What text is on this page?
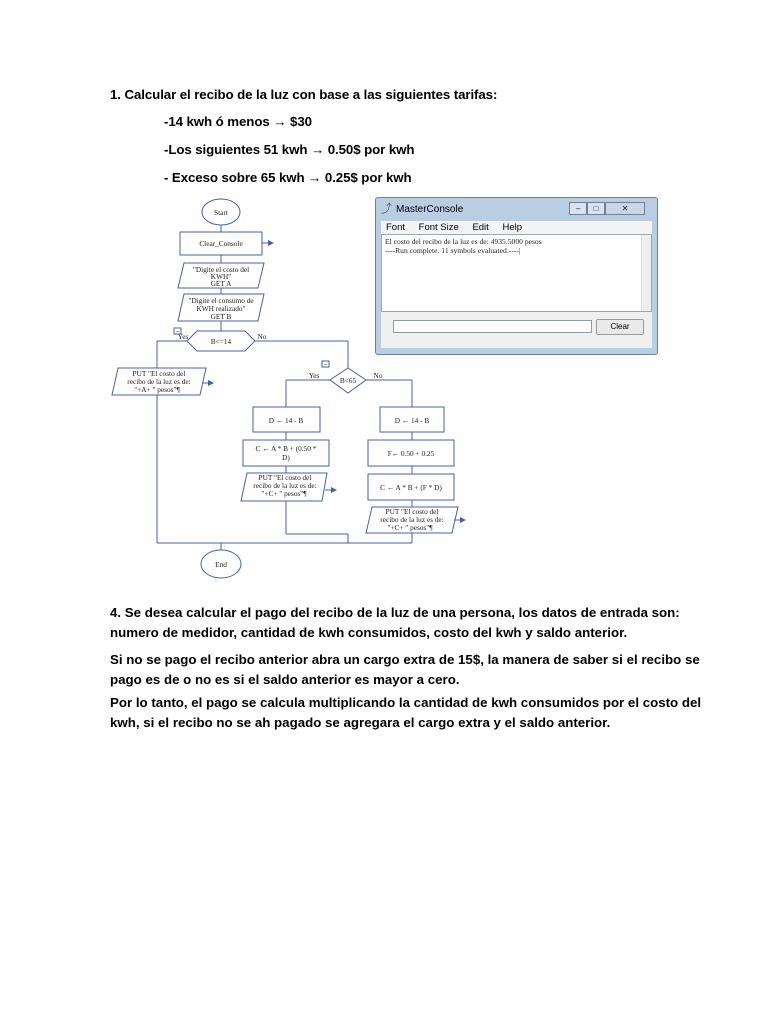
1. Calcular el recibo de la luz con base a las siguientes tarifas:
-14 kwh ó menos → $30
-Los siguientes 51 kwh → 0.50$ por kwh
- Exceso sobre 65 kwh → 0.25$ por kwh
Start
Clear_Console
"Digite el costo del
KWH"
GET A
"Digite el consumo de
KWH realizado"
GET B
B<=14
Yes	No
−
PUT "El costo del
recibo de la luz es de:
"+A+ " pesos"¶
B<65
Yes	No
−
D ← 14 - B
C ← A * B + (0.50 *
D)
PUT "El costo del
recibo de la luz es de:
"+C+ " pesos"¶
D ← 14 - B
F← 0.50 + 0.25
C ← A * B + (F * D)
PUT "El costo del
recibo de la luz es de:
"+C+ " pesos"¶
End
⤴ MasterConsole	–	□	✕
Font Font Size Edit Help
El costo del recibo de la luz es de: 4935.5000 pesos
----Run complete. 11 symbols evaluated.----|
Clear
4. Se desea calcular el pago del recibo de la luz de una persona, los datos de entrada son:
numero de medidor, cantidad de kwh consumidos, costo del kwh y saldo anterior.
Si no se pago el recibo anterior abra un cargo extra de 15$, la manera de saber si el recibo se
pago es de o no es si el saldo anterior es mayor a cero.
Por lo tanto, el pago se calcula multiplicando la cantidad de kwh consumidos por el costo del
kwh, si el recibo no se ah pagado se agregara el cargo extra y el saldo anterior.
